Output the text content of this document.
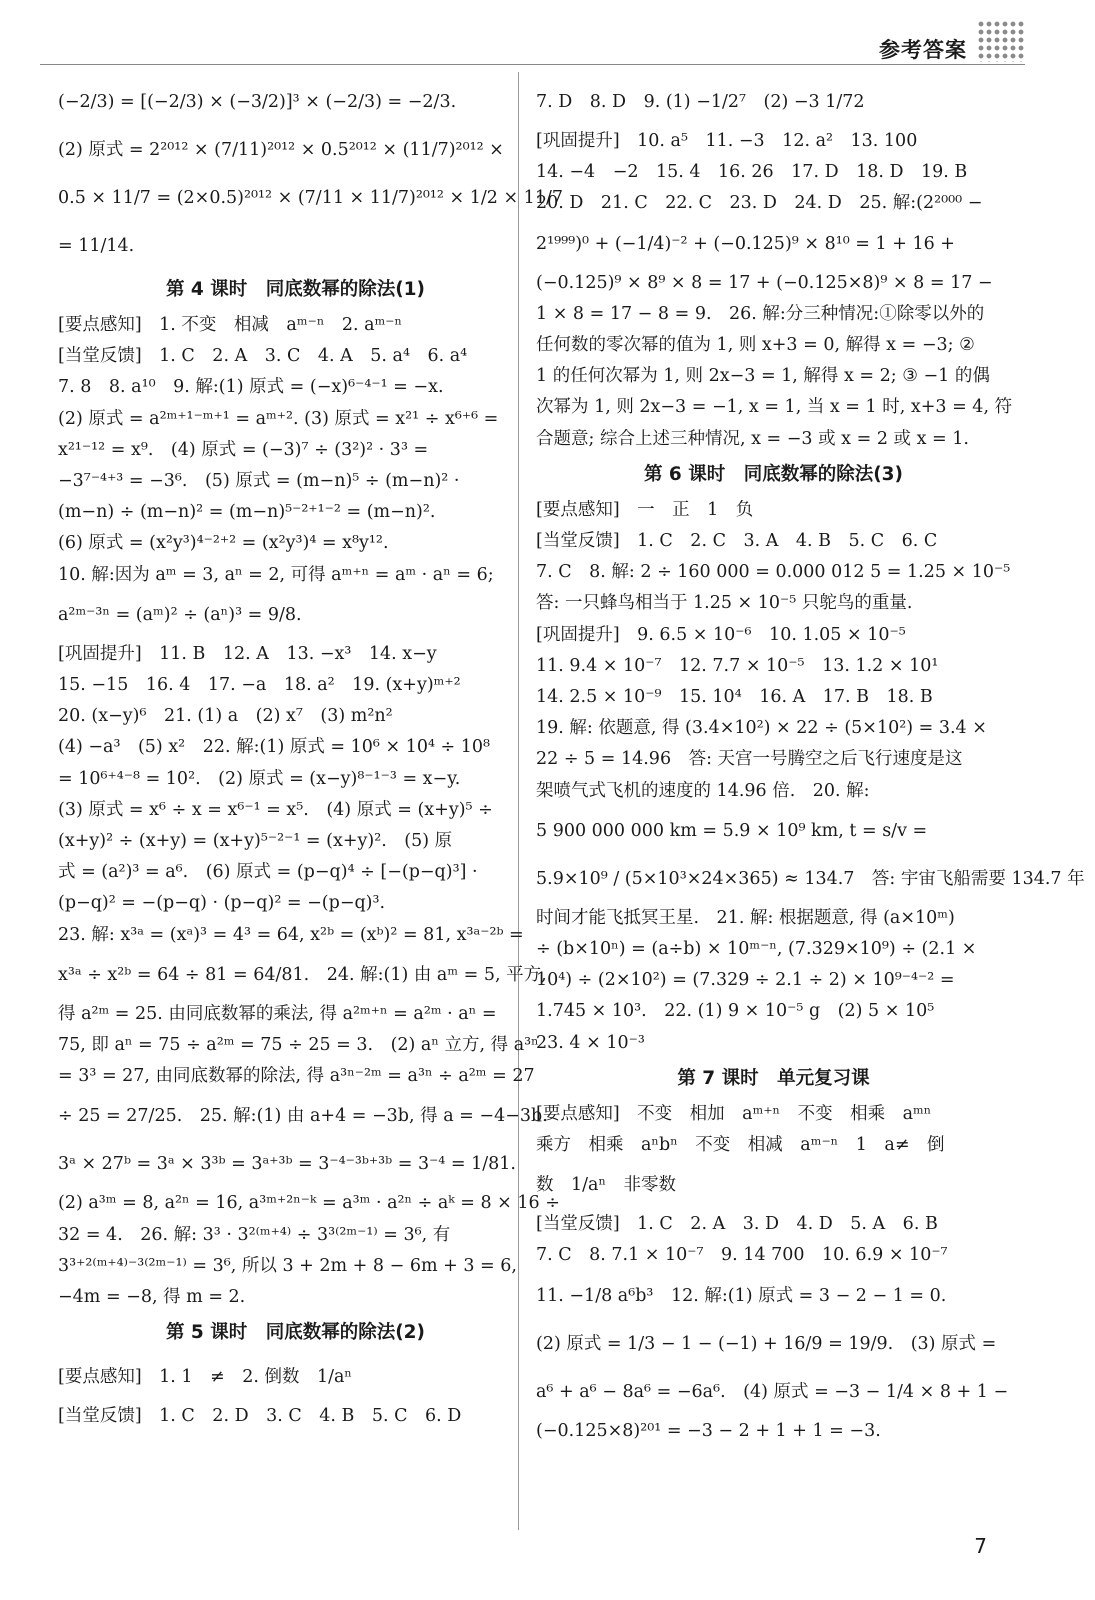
参考答案
(−2/3) = [(−2/3) × (−3/2)]³ × (−2/3) = −2/3.
(2) 原式 = 2²⁰¹² × (7/11)²⁰¹² × 0.5²⁰¹² × (11/7)²⁰¹² ×
0.5 × 11/7 = (2×0.5)²⁰¹² × (7/11 × 11/7)²⁰¹² × 1/2 × 11/7
= 11/14.
第 4 课时　同底数幂的除法(1)
[要点感知]　1. 不变　相减　aᵐ⁻ⁿ　2. aᵐ⁻ⁿ
[当堂反馈]　1. C　2. A　3. C　4. A　5. a⁴　6. a⁴
7. 8　8. a¹⁰　9. 解:(1) 原式 = (−x)⁶⁻⁴⁻¹ = −x.
(2) 原式 = a²ᵐ⁺¹⁻ᵐ⁺¹ = aᵐ⁺². (3) 原式 = x²¹ ÷ x⁶⁺⁶ =
x²¹⁻¹² = x⁹.　(4) 原式 = (−3)⁷ ÷ (3²)² · 3³ =
−3⁷⁻⁴⁺³ = −3⁶.　(5) 原式 = (m−n)⁵ ÷ (m−n)² ·
(m−n) ÷ (m−n)² = (m−n)⁵⁻²⁺¹⁻² = (m−n)².
(6) 原式 = (x²y³)⁴⁻²⁺² = (x²y³)⁴ = x⁸y¹².
10. 解:因为 aᵐ = 3, aⁿ = 2, 可得 aᵐ⁺ⁿ = aᵐ · aⁿ = 6;
a²ᵐ⁻³ⁿ = (aᵐ)² ÷ (aⁿ)³ = 9/8.
[巩固提升]　11. B　12. A　13. −x³　14. x−y
15. −15　16. 4　17. −a　18. a²　19. (x+y)ᵐ⁺²
20. (x−y)⁶　21. (1) a　(2) x⁷　(3) m²n²
(4) −a³　(5) x²　22. 解:(1) 原式 = 10⁶ × 10⁴ ÷ 10⁸
= 10⁶⁺⁴⁻⁸ = 10².　(2) 原式 = (x−y)⁸⁻¹⁻³ = x−y.
(3) 原式 = x⁶ ÷ x = x⁶⁻¹ = x⁵.　(4) 原式 = (x+y)⁵ ÷
(x+y)² ÷ (x+y) = (x+y)⁵⁻²⁻¹ = (x+y)².　(5) 原
式 = (a²)³ = a⁶.　(6) 原式 = (p−q)⁴ ÷ [−(p−q)³] ·
(p−q)² = −(p−q) · (p−q)² = −(p−q)³.
23. 解: x³ᵃ = (xᵃ)³ = 4³ = 64, x²ᵇ = (xᵇ)² = 81, x³ᵃ⁻²ᵇ =
x³ᵃ ÷ x²ᵇ = 64 ÷ 81 = 64/81.　24. 解:(1) 由 aᵐ = 5, 平方,
得 a²ᵐ = 25. 由同底数幂的乘法, 得 a²ᵐ⁺ⁿ = a²ᵐ · aⁿ =
75, 即 aⁿ = 75 ÷ a²ᵐ = 75 ÷ 25 = 3.　(2) aⁿ 立方, 得 a³ⁿ
= 3³ = 27, 由同底数幂的除法, 得 a³ⁿ⁻²ᵐ = a³ⁿ ÷ a²ᵐ = 27
÷ 25 = 27/25.　25. 解:(1) 由 a+4 = −3b, 得 a = −4−3b.
3ᵃ × 27ᵇ = 3ᵃ × 3³ᵇ = 3ᵃ⁺³ᵇ = 3⁻⁴⁻³ᵇ⁺³ᵇ = 3⁻⁴ = 1/81.
(2) a³ᵐ = 8, a²ⁿ = 16, a³ᵐ⁺²ⁿ⁻ᵏ = a³ᵐ · a²ⁿ ÷ aᵏ = 8 × 16 ÷
32 = 4.　26. 解: 3³ · 3²⁽ᵐ⁺⁴⁾ ÷ 3³⁽²ᵐ⁻¹⁾ = 3⁶, 有
3³⁺²⁽ᵐ⁺⁴⁾⁻³⁽²ᵐ⁻¹⁾ = 3⁶, 所以 3 + 2m + 8 − 6m + 3 = 6,
−4m = −8, 得 m = 2.
第 5 课时　同底数幂的除法(2)
[要点感知]　1. 1　≠　2. 倒数　1/aⁿ
[当堂反馈]　1. C　2. D　3. C　4. B　5. C　6. D
7. D　8. D　9. (1) −1/2⁷　(2) −3 1/72
[巩固提升]　10. a⁵　11. −3　12. a²　13. 100
14. −4　−2　15. 4　16. 26　17. D　18. D　19. B
20. D　21. C　22. C　23. D　24. D　25. 解:(2²⁰⁰⁰ −
2¹⁹⁹⁹)⁰ + (−1/4)⁻² + (−0.125)⁹ × 8¹⁰ = 1 + 16 +
(−0.125)⁹ × 8⁹ × 8 = 17 + (−0.125×8)⁹ × 8 = 17 −
1 × 8 = 17 − 8 = 9.　26. 解:分三种情况:①除零以外的
任何数的零次幂的值为 1, 则 x+3 = 0, 解得 x = −3; ②
1 的任何次幂为 1, 则 2x−3 = 1, 解得 x = 2; ③ −1 的偶
次幂为 1, 则 2x−3 = −1, x = 1, 当 x = 1 时, x+3 = 4, 符
合题意; 综合上述三种情况, x = −3 或 x = 2 或 x = 1.
第 6 课时　同底数幂的除法(3)
[要点感知]　一　正　1　负
[当堂反馈]　1. C　2. C　3. A　4. B　5. C　6. C
7. C　8. 解: 2 ÷ 160 000 = 0.000 012 5 = 1.25 × 10⁻⁵
答: 一只蜂鸟相当于 1.25 × 10⁻⁵ 只鸵鸟的重量.
[巩固提升]　9. 6.5 × 10⁻⁶　10. 1.05 × 10⁻⁵
11. 9.4 × 10⁻⁷　12. 7.7 × 10⁻⁵　13. 1.2 × 10¹
14. 2.5 × 10⁻⁹　15. 10⁴　16. A　17. B　18. B
19. 解: 依题意, 得 (3.4×10²) × 22 ÷ (5×10²) = 3.4 ×
22 ÷ 5 = 14.96　答: 天宫一号腾空之后飞行速度是这
架喷气式飞机的速度的 14.96 倍.　20. 解:
5 900 000 000 km = 5.9 × 10⁹ km, t = s/v =
5.9×10⁹ / (5×10³×24×365) ≈ 134.7　答: 宇宙飞船需要 134.7 年
时间才能飞抵冥王星.　21. 解: 根据题意, 得 (a×10ᵐ)
÷ (b×10ⁿ) = (a÷b) × 10ᵐ⁻ⁿ, (7.329×10⁹) ÷ (2.1 ×
10⁴) ÷ (2×10²) = (7.329 ÷ 2.1 ÷ 2) × 10⁹⁻⁴⁻² =
1.745 × 10³.　22. (1) 9 × 10⁻⁵ g　(2) 5 × 10⁵
23. 4 × 10⁻³
第 7 课时　单元复习课
[要点感知]　不变　相加　aᵐ⁺ⁿ　不变　相乘　aᵐⁿ
乘方　相乘　aⁿbⁿ　不变　相减　aᵐ⁻ⁿ　1　a≠　倒
数　1/aⁿ　非零数
[当堂反馈]　1. C　2. A　3. D　4. D　5. A　6. B
7. C　8. 7.1 × 10⁻⁷　9. 14 700　10. 6.9 × 10⁻⁷
11. −1/8 a⁶b³　12. 解:(1) 原式 = 3 − 2 − 1 = 0.
(2) 原式 = 1/3 − 1 − (−1) + 16/9 = 19/9.　(3) 原式 =
a⁶ + a⁶ − 8a⁶ = −6a⁶.　(4) 原式 = −3 − 1/4 × 8 + 1 −
(−0.125×8)²⁰¹ = −3 − 2 + 1 + 1 = −3.
7
